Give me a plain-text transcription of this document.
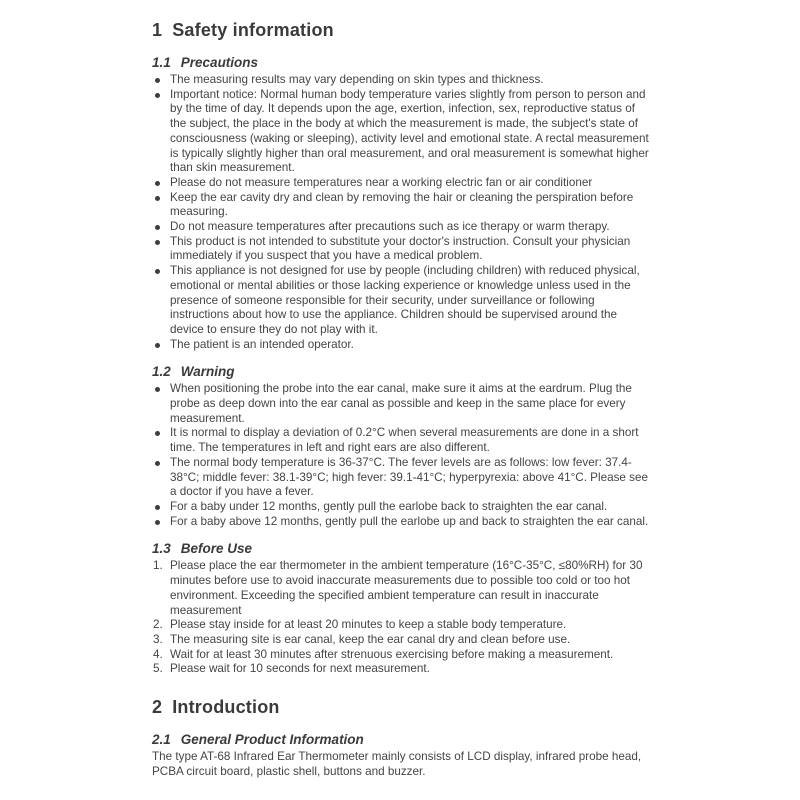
1 Safety information
1.1 Precautions
The measuring results may vary depending on skin types and thickness.
Important notice: Normal human body temperature varies slightly from person to person and by the time of day. It depends upon the age, exertion, infection, sex, reproductive status of the subject, the place in the body at which the measurement is made, the subject's state of consciousness (waking or sleeping), activity level and emotional state. A rectal measurement is typically slightly higher than oral measurement, and oral measurement is somewhat higher than skin measurement.
Please do not measure temperatures near a working electric fan or air conditioner
Keep the ear cavity dry and clean by removing the hair or cleaning the perspiration before measuring.
Do not measure temperatures after precautions such as ice therapy or warm therapy.
This product is not intended to substitute your doctor's instruction. Consult your physician immediately if you suspect that you have a medical problem.
This appliance is not designed for use by people (including children) with reduced physical, emotional or mental abilities or those lacking experience or knowledge unless used in the presence of someone responsible for their security, under surveillance or following instructions about how to use the appliance. Children should be supervised around the device to ensure they do not play with it.
The patient is an intended operator.
1.2 Warning
When positioning the probe into the ear canal, make sure it aims at the eardrum. Plug the probe as deep down into the ear canal as possible and keep in the same place for every measurement.
It is normal to display a deviation of 0.2°C when several measurements are done in a short time. The temperatures in left and right ears are also different.
The normal body temperature is 36-37°C. The fever levels are as follows: low fever: 37.4-38°C; middle fever: 38.1-39°C; high fever: 39.1-41°C; hyperpyrexia: above 41°C. Please see a doctor if you have a fever.
For a baby under 12 months, gently pull the earlobe back to straighten the ear canal.
For a baby above 12 months, gently pull the earlobe up and back to straighten the ear canal.
1.3 Before Use
Please place the ear thermometer in the ambient temperature (16°C-35°C, ≤80%RH) for 30 minutes before use to avoid inaccurate measurements due to possible too cold or too hot environment. Exceeding the specified ambient temperature can result in inaccurate measurement
Please stay inside for at least 20 minutes to keep a stable body temperature.
The measuring site is ear canal, keep the ear canal dry and clean before use.
Wait for at least 30 minutes after strenuous exercising before making a measurement.
Please wait for 10 seconds for next measurement.
2 Introduction
2.1 General Product Information

The type AT-68 Infrared Ear Thermometer mainly consists of LCD display, infrared probe head, PCBA circuit board, plastic shell, buttons and buzzer.
